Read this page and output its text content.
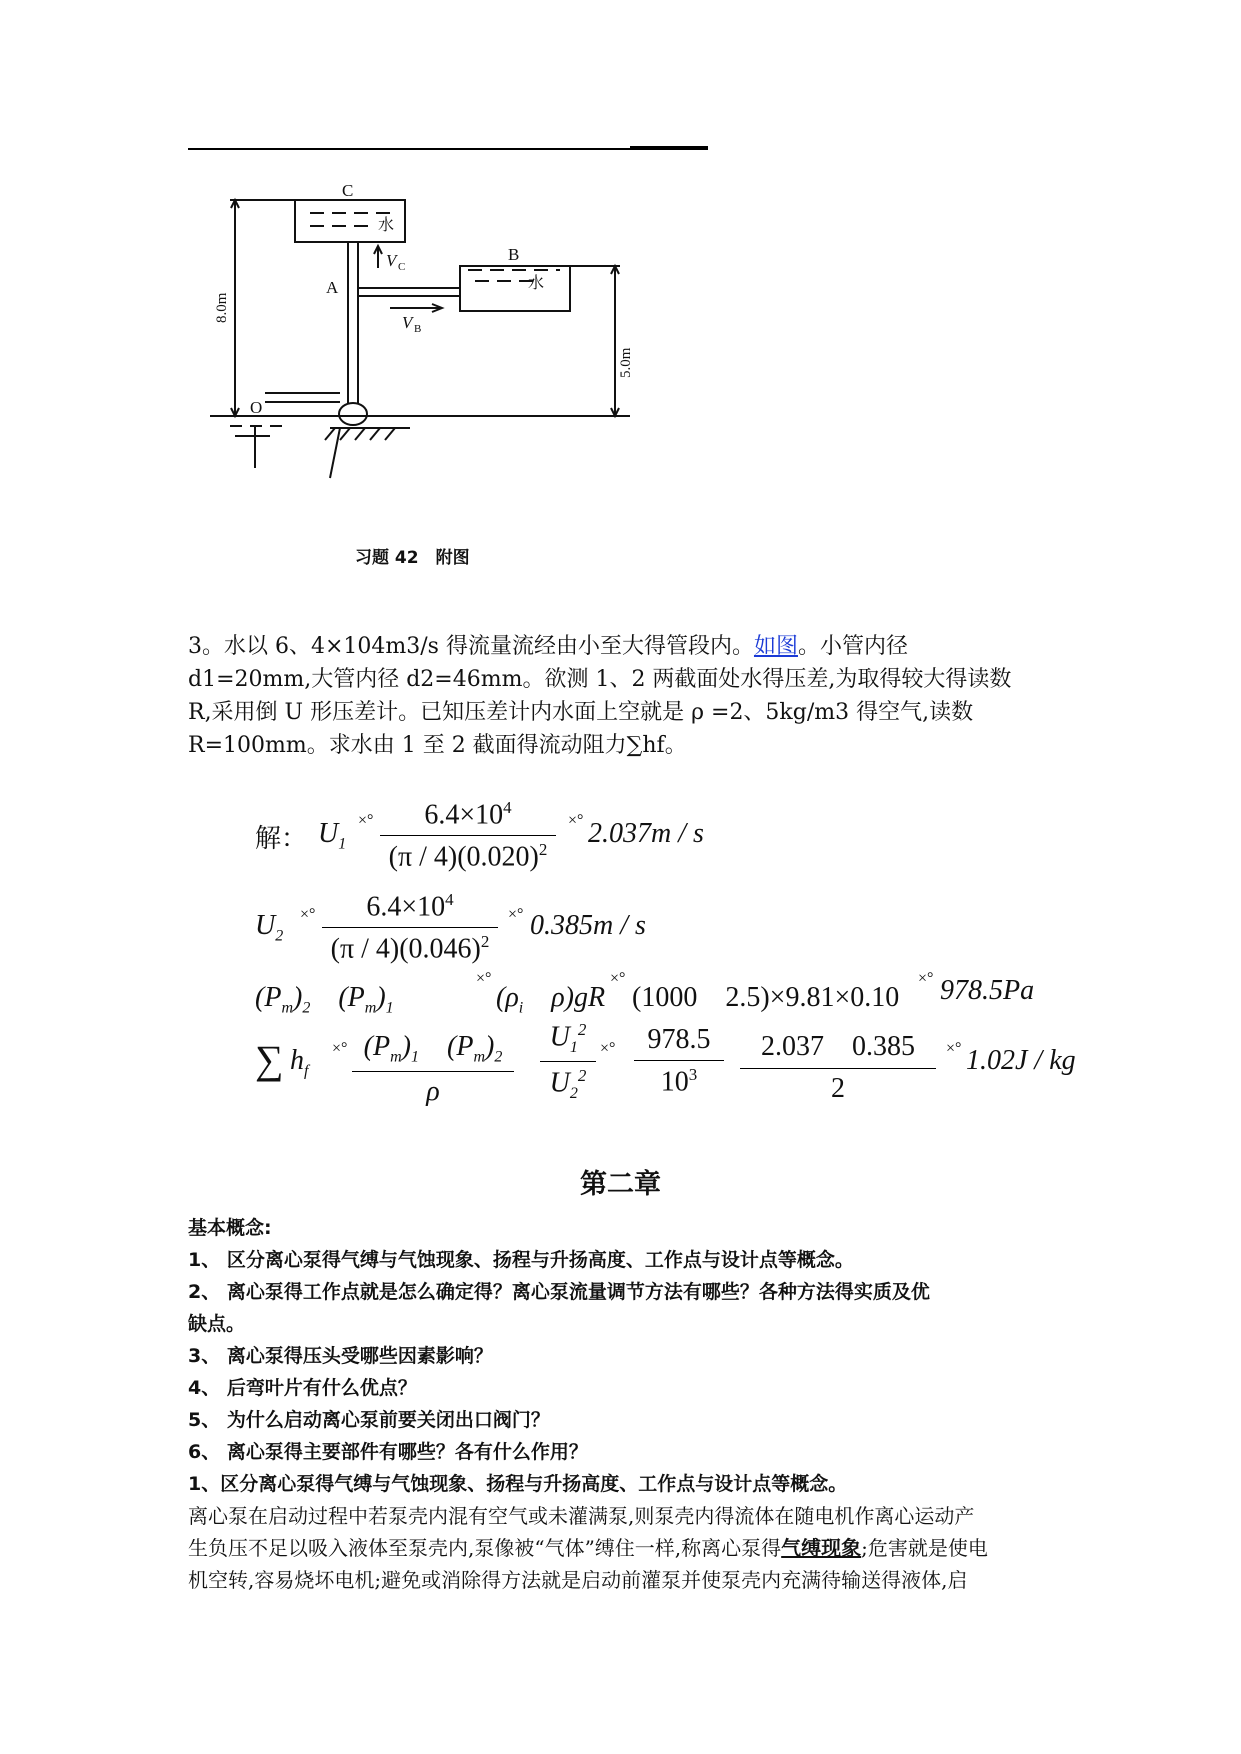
C
B
A
O
水
水
V C
V B
8.0m
5.0m
习题 42　附图
3。水以 6、4×104m3/s 得流量流经由小至大得管段内。如图。小管内径
d1=20mm,大管内径 d2=46mm。欲测 1、2 两截面处水得压差,为取得较大得读数
R,采用倒 U 形压差计。已知压差计内水面上空就是 ρ =2、5kg/m3 得空气,读数
R=100mm。求水由 1 至 2 截面得流动阻力∑hf。
解： $U_1$
×°	$6.4\times 10^4$
$(\pi / 4)(0.020)^2$
×° 2.037m / s
$U_2$
×°	$6.4\times 10^4$
$(\pi / 4)(0.046)^2$
×° 0.385m / s
$(P_m)_2$　$(P_m)_1$
×°
($\rho_i$　ρ)gR
×°
(1000　2.5)×9.81×0.10
×° 978.5Pa
∑ $h_f$
×° $(P_m)_1$　$(P_m)_2$
ρ
$U_1^2$
$U_2^2$
×°	978.5
$10^3$
2.037　0.385
2
×° 1.02J / kg
第二章
基本概念:
1、 区分离心泵得气缚与气蚀现象、扬程与升扬高度、工作点与设计点等概念。
2、 离心泵得工作点就是怎么确定得？离心泵流量调节方法有哪些？各种方法得实质及优
缺点。
3、 离心泵得压头受哪些因素影响？
4、 后弯叶片有什么优点？
5、 为什么启动离心泵前要关闭出口阀门？
6、 离心泵得主要部件有哪些？各有什么作用？
1、区分离心泵得气缚与气蚀现象、扬程与升扬高度、工作点与设计点等概念。
离心泵在启动过程中若泵壳内混有空气或未灌满泵,则泵壳内得流体在随电机作离心运动产
生负压不足以吸入液体至泵壳内,泵像被“气体”缚住一样,称离心泵得气缚现象;危害就是使电
机空转,容易烧坏电机;避免或消除得方法就是启动前灌泵并使泵壳内充满待输送得液体,启
